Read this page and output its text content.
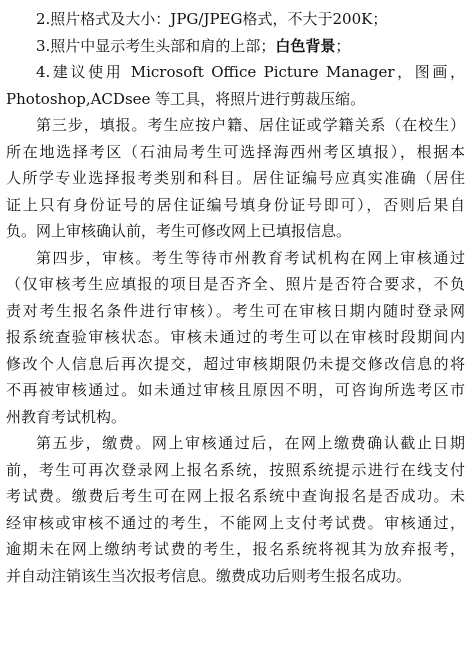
2.照片格式及大小：JPG/JPEG格式，不大于200K；
3.照片中显示考生头部和肩的上部；白色背景；
4.建议使用 Microsoft Office Picture Manager，图画，
Photoshop,ACDsee 等工具，将照片进行剪裁压缩。
第三步，填报。考生应按户籍、居住证或学籍关系（在校生）
所在地选择考区（石油局考生可选择海西州考区填报），根据本
人所学专业选择报考类别和科目。居住证编号应真实准确（居住
证上只有身份证号的居住证编号填身份证号即可），否则后果自
负。网上审核确认前，考生可修改网上已填报信息。
第四步，审核。考生等待市州教育考试机构在网上审核通过
（仅审核考生应填报的项目是否齐全、照片是否符合要求，不负
责对考生报名条件进行审核）。考生可在审核日期内随时登录网
报系统查验审核状态。审核未通过的考生可以在审核时段期间内
修改个人信息后再次提交，超过审核期限仍未提交修改信息的将
不再被审核通过。如未通过审核且原因不明，可咨询所选考区市
州教育考试机构。
第五步，缴费。网上审核通过后，在网上缴费确认截止日期
前，考生可再次登录网上报名系统，按照系统提示进行在线支付
考试费。缴费后考生可在网上报名系统中查询报名是否成功。未
经审核或审核不通过的考生，不能网上支付考试费。审核通过，
逾期未在网上缴纳考试费的考生，报名系统将视其为放弃报考，
并自动注销该生当次报考信息。缴费成功后则考生报名成功。
